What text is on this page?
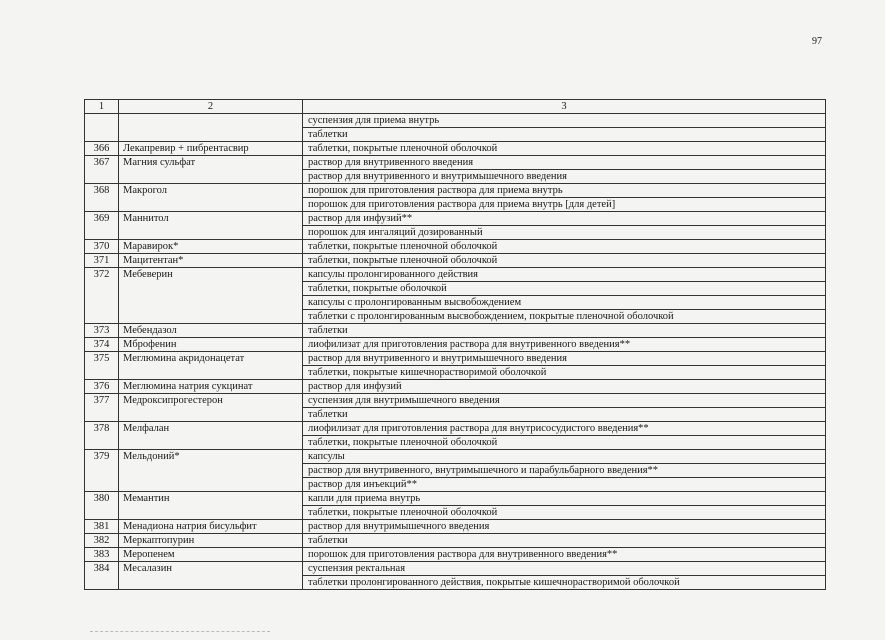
97
1	2	3
		суспензия для приема внутрь
		таблетки
366	Лекапревир + пибрентасвир	таблетки, покрытые пленочной оболочкой
367	Магния сульфат	раствор для внутривенного введения
		раствор для внутривенного и внутримышечного введения
368	Макрогол	порошок для приготовления раствора для приема внутрь
		порошок для приготовления раствора для приема внутрь [для детей]
369	Маннитол	раствор для инфузий**
		порошок для ингаляций дозированный
370	Маравирок*	таблетки, покрытые пленочной оболочкой
371	Мацитентан*	таблетки, покрытые пленочной оболочкой
372	Мебеверин	капсулы пролонгированного действия
		таблетки, покрытые оболочкой
		капсулы с пролонгированным высвобождением
		таблетки с пролонгированным высвобождением, покрытые пленочной оболочкой
373	Мебендазол	таблетки
374	Мброфенин	лиофилизат для приготовления раствора для внутривенного введения**
375	Меглюмина акридонацетат	раствор для внутривенного и внутримышечного введения
		таблетки, покрытые кишечнорастворимой оболочкой
376	Меглюмина натрия сукцинат	раствор для инфузий
377	Медроксипрогестерон	суспензия для внутримышечного введения
		таблетки
378	Мелфалан	лиофилизат для приготовления раствора для внутрисосудистого введения**
		таблетки, покрытые пленочной оболочкой
379	Мельдоний*	капсулы
		раствор для внутривенного, внутримышечного и парабульбарного введения**
		раствор для инъекций**
380	Мемантин	капли для приема внутрь
		таблетки, покрытые пленочной оболочкой
381	Менадиона натрия бисульфит	раствор для внутримышечного введения
382	Меркаптопурин	таблетки
383	Меропенем	порошок для приготовления раствора для внутривенного введения**
384	Месалазин	суспензия ректальная
		таблетки пролонгированного действия, покрытые кишечнорастворимой оболочкой
